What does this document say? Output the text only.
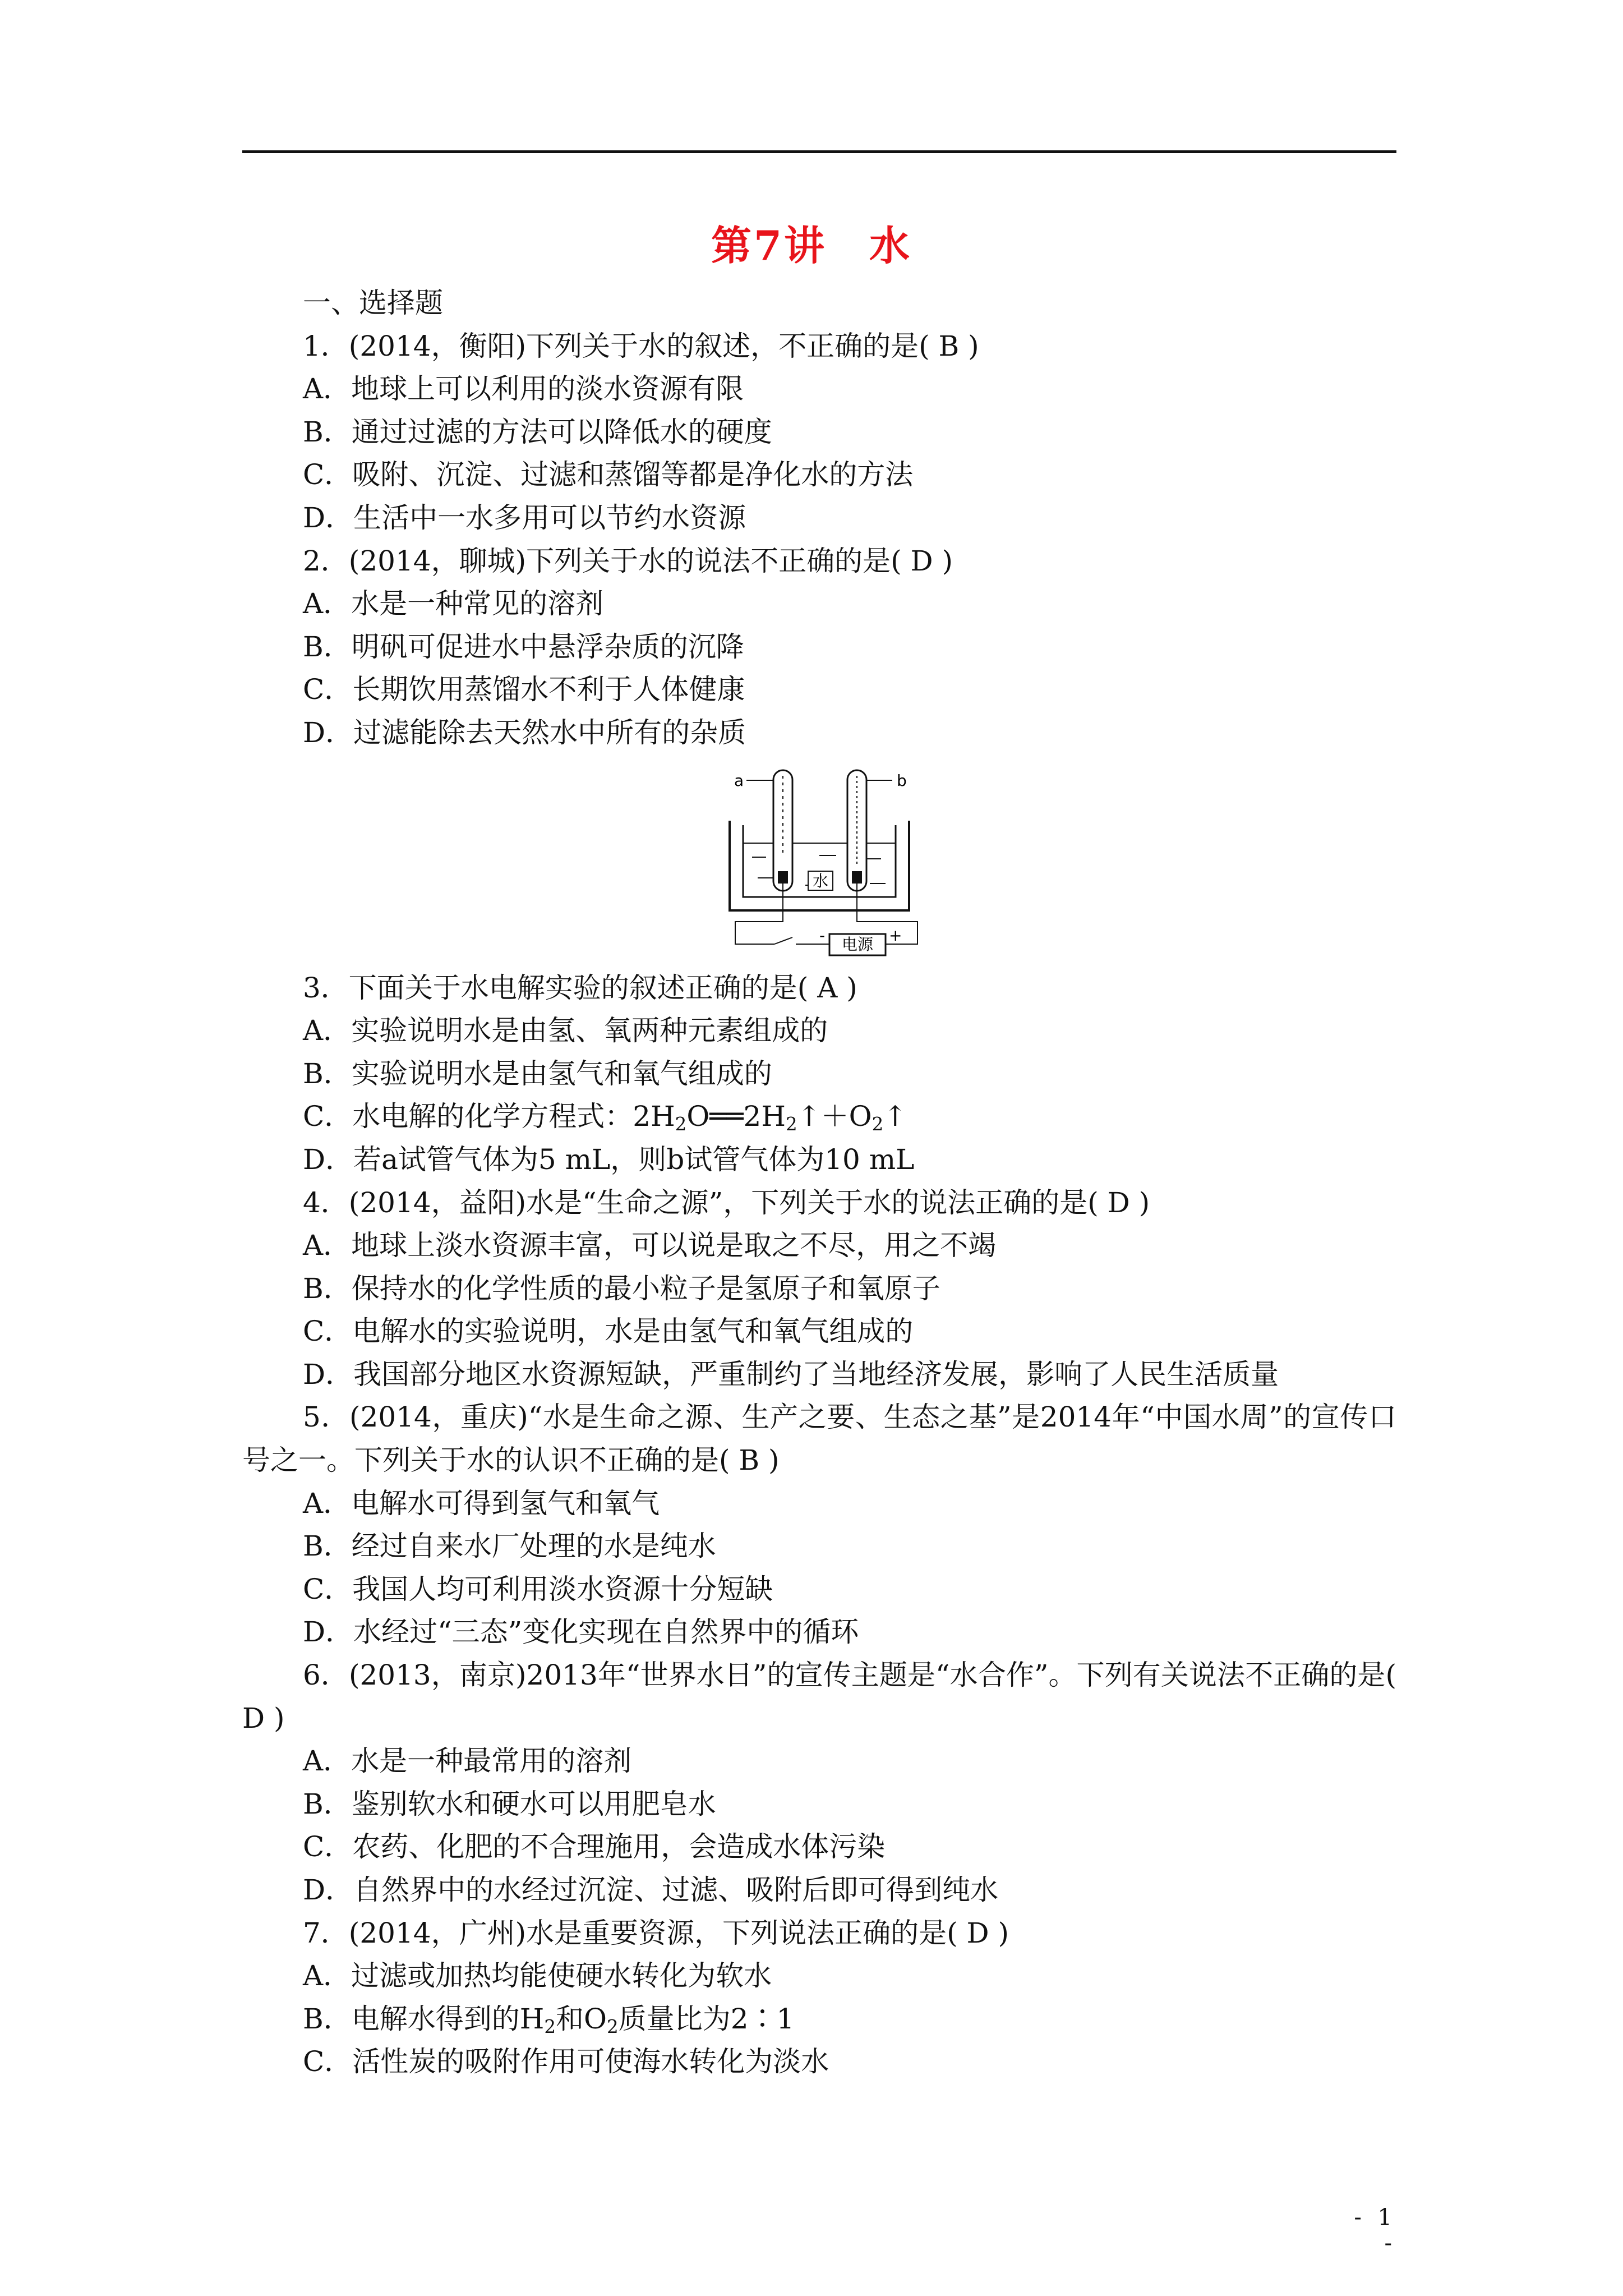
第7讲　水
一、选择题
1．(2014，衡阳)下列关于水的叙述，不正确的是( B )
A．地球上可以利用的淡水资源有限
B．通过过滤的方法可以降低水的硬度
C．吸附、沉淀、过滤和蒸馏等都是净化水的方法
D．生活中一水多用可以节约水资源
2．(2014，聊城)下列关于水的说法不正确的是( D )
A．水是一种常见的溶剂
B．明矾可促进水中悬浮杂质的沉降
C．长期饮用蒸馏水不利于人体健康
D．过滤能除去天然水中所有的杂质
a	b
水
电源
-	+
3．下面关于水电解实验的叙述正确的是( A )
A．实验说明水是由氢、氧两种元素组成的
B．实验说明水是由氢气和氧气组成的
C．水电解的化学方程式：$2H_2O══2H_2↑+O_2↑$
D．若a试管气体为5 mL，则b试管气体为10 mL
4．(2014，益阳)水是“生命之源”，下列关于水的说法正确的是( D )
A．地球上淡水资源丰富，可以说是取之不尽，用之不竭
B．保持水的化学性质的最小粒子是氢原子和氧原子
C．电解水的实验说明，水是由氢气和氧气组成的
D．我国部分地区水资源短缺，严重制约了当地经济发展，影响了人民生活质量
5．(2014，重庆)“水是生命之源、生产之要、生态之基”是2014年“中国水周”的宣传口号之一。下列关于水的认识不正确的是( B )
A．电解水可得到氢气和氧气
B．经过自来水厂处理的水是纯水
C．我国人均可利用淡水资源十分短缺
D．水经过“三态”变化实现在自然界中的循环
6．(2013，南京)2013年“世界水日”的宣传主题是“水合作”。下列有关说法不正确的是( D )
A．水是一种最常用的溶剂
B．鉴别软水和硬水可以用肥皂水
C．农药、化肥的不合理施用，会造成水体污染
D．自然界中的水经过沉淀、过滤、吸附后即可得到纯水
7．(2014，广州)水是重要资源，下列说法正确的是( D )
A．过滤或加热均能使硬水转化为软水
B．电解水得到的$H_2$和$O_2$质量比为2∶1
C．活性炭的吸附作用可使海水转化为淡水
- 1 -
